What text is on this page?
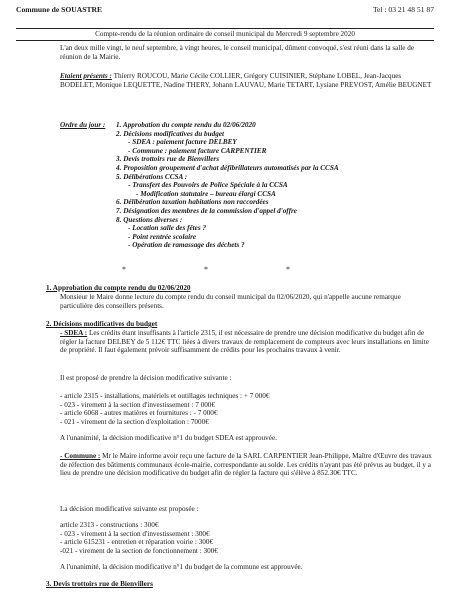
Commune de SOUASTRE	Tel : 03 21 48 51 87
Compte-rendu de la réunion ordinaire de conseil municipal du Mercredi 9 septembre 2020
L'an deux mille vingt, le neuf septembre, à vingt heures, le conseil municipal, dûment convoqué, s'est réuni dans la salle de réunion de la Mairie.
Etaient présents : Thierry ROUCOU, Marie Cécile COLLIER, Grégory CUISINIER, Stéphane LOBEL, Jean-Jacques BODELET, Monique LEQUETTE, Nadine THERY, Johann LAUVAU, Marie TETART, Lysiane PREVOST, Amélie BEUGNET
Ordre du jour : 1. Approbation du compte rendu du 02/06/2020
2. Décisions modificatives du budget
- SDEA : paiement facture DELBEY
- Commune : paiement facture CARPENTIER
3. Devis trottoirs rue de Bienvillers
4. Proposition groupement d'achat défibrillateurs automatisés par la CCSA
5. Délibérations CCSA :
- Transfert des Pouvoirs de Police Spéciale à la CCSA
- Modification statutaire – bureau élargi CCSA
6. Délibération taxation habitations non raccordées
7. Désignation des membres de la commission d'appel d'offre
8. Questions diverses :
- Location salle des fêtes ?
- Point rentrée scolaire
- Opération de ramassage des déchets ?
* * *
1. Approbation du compte rendu du 02/06/2020
Monsieur le Maire donne lecture du compte rendu du conseil municipal du 02/06/2020, qui n'appelle aucune remarque particulière des conseillers présents.
2. Décisions modificatives du budget
- SDEA : Les crédits étant insuffisants à l'article 2315, il est nécessaire de prendre une décision modificative du budget afin de régler la facture DELBEY de 5 112€ TTC liées à divers travaux de remplacement de compteurs avec leurs installations en limite de propriété. Il faut également prévoir suffisamment de crédits pour les prochains travaux à venir.
Il est proposé de prendre la décision modificative suivante :
- article 2315 - installations, matériels et outillages techniques : + 7 000€
- 023 - virement à la section d'investissement : 7 000€
- article 6068 - autres matières et fournitures : - 7 000€
- 021 - virement de la section d'exploitation : 7000€
A l'unanimité, la décision modificative n°1 du budget SDEA est approuvée.
- Commune : Mr le Maire informe avoir reçu une facture de la SARL CARPENTIER Jean-Philippe, Maître d'Œuvre des travaux de réfection des bâtiments communaux école-mairie, correspondante au solde. Les crédits n'ayant pas été prévus au budget, il y a lieu de prendre une décision modificative du budget afin de régler la facture qui s'élève à 852.30€ TTC.
La décision modificative suivante est proposée :
article 2313 - constructions : 300€
- 023 - virement à la section d'investissement : 300€
- article 615231 - entretien et réparation voirie : 300€
-021 - virement de la section de fonctionnement : 300€
A l'unanimité, la décision modificative n°1 du budget de la commune est approuvée.
3. Devis trottoirs rue de Bienvillers
